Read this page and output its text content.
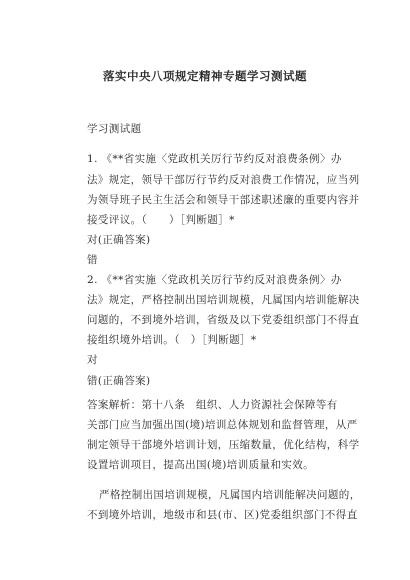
落实中央八项规定精神专题学习测试题
学习测试题
1. 《**省实施〈党政机关厉行节约反对浪费条例〉办
法》规定，领导干部厉行节约反对浪费工作情况，应当列
为领导班子民主生活会和领导干部述职述廉的重要内容并
接受评议。（　　）［判断题］*
对(正确答案)
错
2. 《**省实施〈党政机关厉行节约反对浪费条例〉办
法》规定，严格控制出国培训规模，凡属国内培训能解决
问题的，不到境外培训，省级及以下党委组织部门不得直
接组织境外培训。（　）［判断题］*
对
错(正确答案)
答案解析：第十八条　组织、人力资源社会保障等有
关部门应当加强出国(境)培训总体规划和监督管理，从严
制定领导干部境外培训计划，压缩数量，优化结构，科学
设置培训项目，提高出国(境)培训质量和实效。
严格控制出国培训规模，凡属国内培训能解决问题的，
不到境外培训，地级市和县(市、区)党委组织部门不得直
